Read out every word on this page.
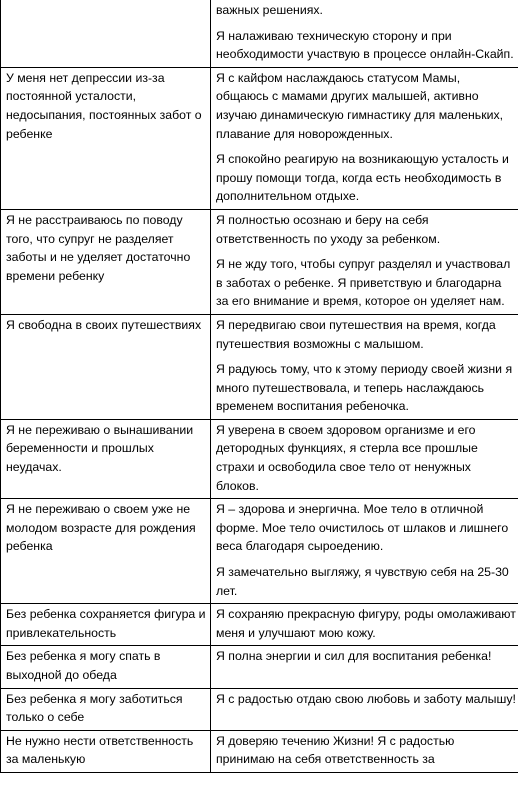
	важных решениях.

Я налаживаю техническую сторону и при необходимости участвую в процессе онлайн-Скайп.

У меня нет депрессии из-за постоянной усталости, недосыпания, постоянных забот о ребенке	Я с кайфом наслаждаюсь статусом Мамы, общаюсь с мамами других малышей, активно изучаю динамическую гимнастику для маленьких, плавание для новорожденных.

Я спокойно реагирую на возникающую усталость и прошу помощи тогда, когда есть необходимость в дополнительном отдыхе.

Я не расстраиваюсь по поводу того, что супруг не разделяет заботы и не уделяет достаточно времени ребенку	Я полностью осознаю и беру на себя ответственность по уходу за ребенком.

Я не жду того, чтобы супруг разделял и участвовал в заботах о ребенке. Я приветствую и благодарна за его внимание и время, которое он уделяет нам.

Я свободна в своих путешествиях	Я передвигаю свои путешествия на время, когда путешествия возможны с малышом.

Я радуюсь тому, что к этому периоду своей жизни я много путешествовала, и теперь наслаждаюсь временем воспитания ребеночка.

Я не переживаю о вынашивании беременности и прошлых неудачах.	Я уверена в своем здоровом организме и его детородных функциях, я стерла все прошлые страхи и освободила свое тело от ненужных блоков.

Я не переживаю о своем уже не молодом возрасте для рождения ребенка	Я – здорова и энергична. Мое тело в отличной форме. Мое тело очистилось от шлаков и лишнего веса благодаря сыроедению.

Я замечательно выгляжу, я чувствую себя на 25-30 лет.

Без ребенка сохраняется фигура и привлекательность	Я сохраняю прекрасную фигуру, роды омолаживают меня и улучшают мою кожу.

Без ребенка я могу спать в выходной до обеда	Я полна энергии и сил для воспитания ребенка!

Без ребенка я могу заботиться только о себе	Я с радостью отдаю свою любовь и заботу малышу!

Не нужно нести ответственность за маленькую	Я доверяю течению Жизни! Я с радостью принимаю на себя ответственность за
